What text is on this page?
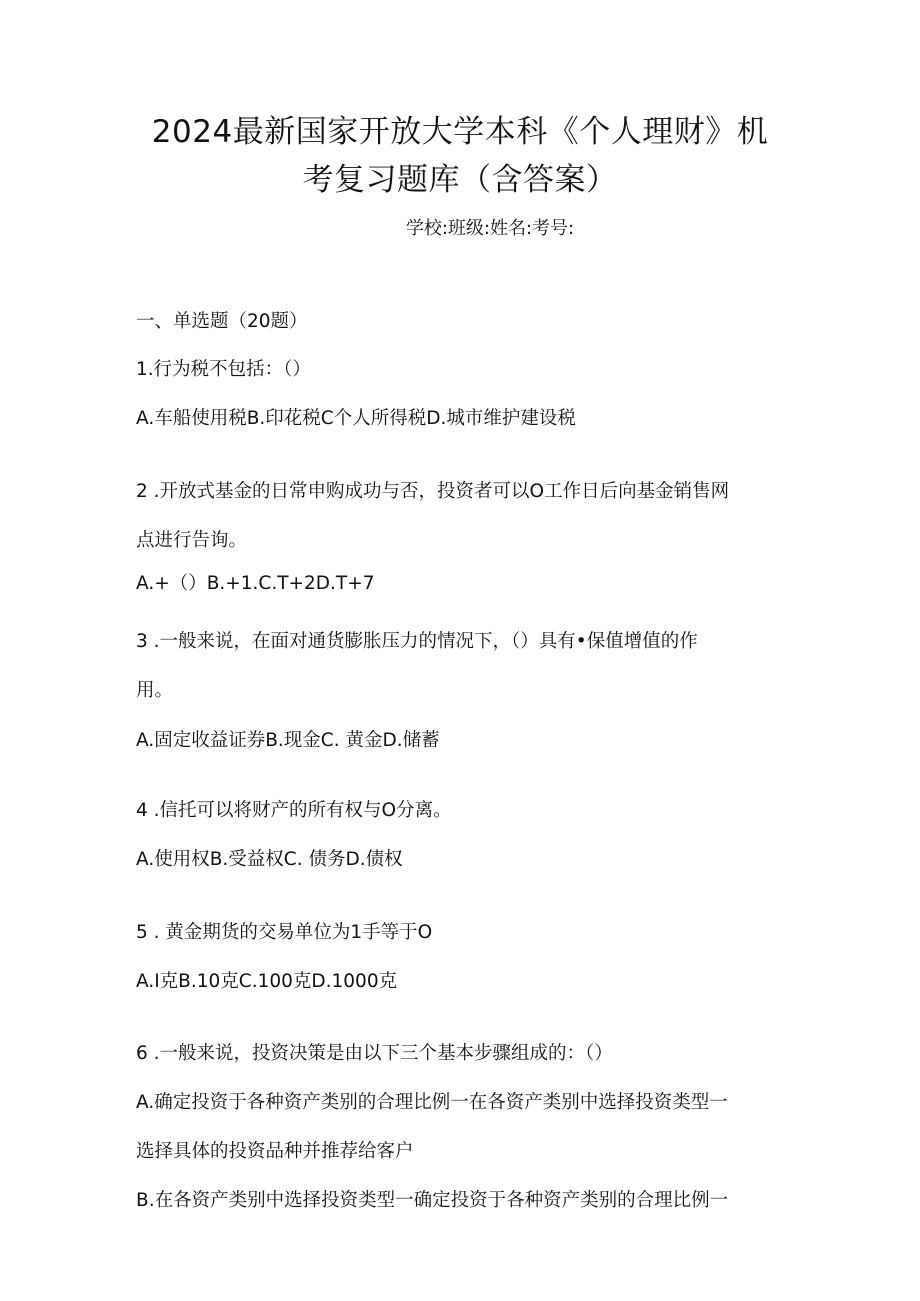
2024最新国家开放大学本科《个人理财》机
考复习题库（含答案）
学校:班级:姓名:考号:

一、单选题（20题）

1.行为税不包括：（）

A.车船使用税B.印花税C个人所得税D.城市维护建设税

2 .开放式基金的日常申购成功与否，投资者可以O工作日后向基金销售网

点进行告询。

A.+（）B.+1.C.T+2D.T+7

3 .一般来说，在面对通货膨胀压力的情况下，（）具有•保值增值的作

用。

A.固定收益证券B.现金C. 黄金D.储蓄

4 .信托可以将财产的所有权与O分离。

A.使用权B.受益权C. 债务D.债权

5 . 黄金期货的交易单位为1手等于O

A.I克B.10克C.100克D.1000克

6 .一般来说，投资决策是由以下三个基本步骤组成的：（）

A.确定投资于各种资产类别的合理比例一在各资产类别中选择投资类型一

选择具体的投资品种并推荐给客户

B.在各资产类别中选择投资类型一确定投资于各种资产类别的合理比例一
